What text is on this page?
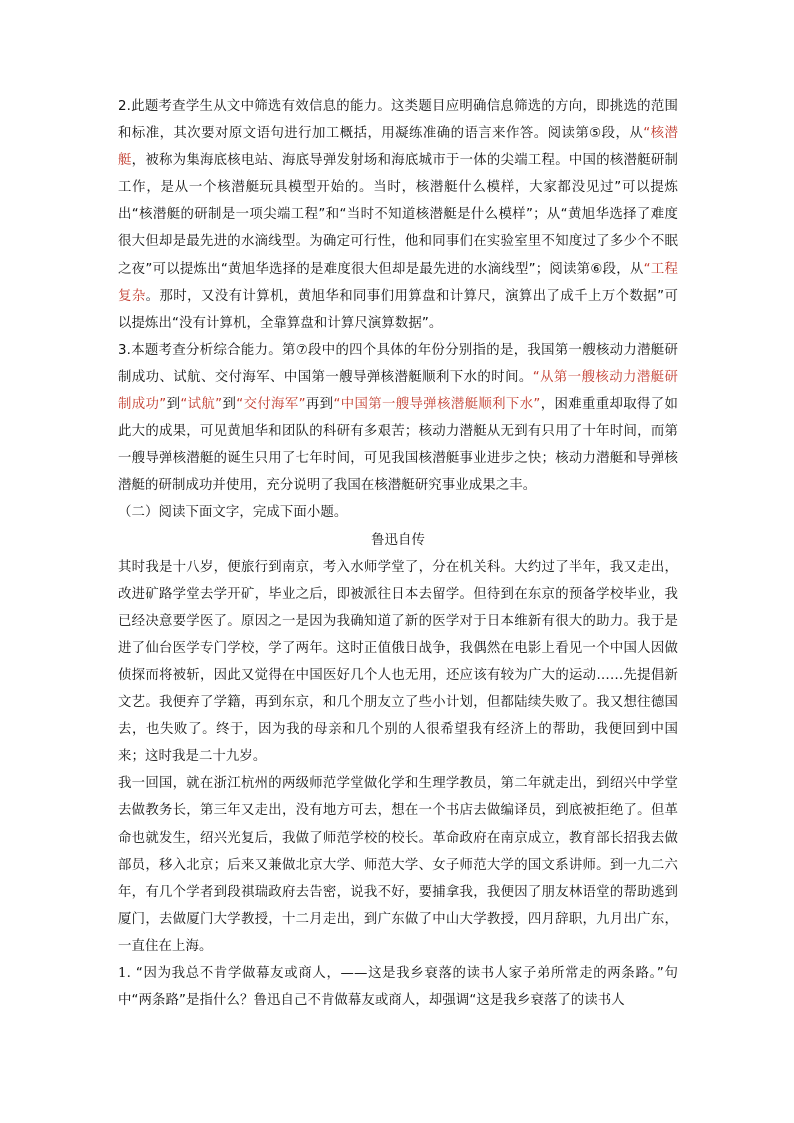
2.此题考查学生从文中筛选有效信息的能力。这类题目应明确信息筛选的方向，即挑选的范围和标准，其次要对原文语句进行加工概括，用凝练准确的语言来作答。阅读第⑤段，从“核潜艇，被称为集海底核电站、海底导弹发射场和海底城市于一体的尖端工程。中国的核潜艇研制工作，是从一个核潜艇玩具模型开始的。当时，核潜艇什么模样，大家都没见过”可以提炼出“核潜艇的研制是一项尖端工程”和“当时不知道核潜艇是什么模样”；从“黄旭华选择了难度很大但却是最先进的水滴线型。为确定可行性，他和同事们在实验室里不知度过了多少个不眠之夜”可以提炼出“黄旭华选择的是难度很大但却是最先进的水滴线型”；阅读第⑥段，从“工程复杂。那时，又没有计算机，黄旭华和同事们用算盘和计算尺，演算出了成千上万个数据”可以提炼出“没有计算机，全靠算盘和计算尺演算数据”。

3.本题考查分析综合能力。第⑦段中的四个具体的年份分别指的是，我国第一艘核动力潜艇研制成功、试航、交付海军、中国第一艘导弹核潜艇顺利下水的时间。“从第一艘核动力潜艇研制成功”到“试航”到“交付海军”再到“中国第一艘导弹核潜艇顺利下水”，困难重重却取得了如此大的成果，可见黄旭华和团队的科研有多艰苦；核动力潜艇从无到有只用了十年时间，而第一艘导弹核潜艇的诞生只用了七年时间，可见我国核潜艇事业进步之快；核动力潜艇和导弹核潜艇的研制成功并使用，充分说明了我国在核潜艇研究事业成果之丰。

（二）阅读下面文字，完成下面小题。

鲁迅自传

其时我是十八岁，便旅行到南京，考入水师学堂了，分在机关科。大约过了半年，我又走出，改进矿路学堂去学开矿，毕业之后，即被派往日本去留学。但待到在东京的预备学校毕业，我已经决意要学医了。原因之一是因为我确知道了新的医学对于日本维新有很大的助力。我于是进了仙台医学专门学校，学了两年。这时正值俄日战争，我偶然在电影上看见一个中国人因做侦探而将被斩，因此又觉得在中国医好几个人也无用，还应该有较为广大的运动……先提倡新文艺。我便弃了学籍，再到东京，和几个朋友立了些小计划，但都陆续失败了。我又想往德国去，也失败了。终于，因为我的母亲和几个别的人很希望我有经济上的帮助，我便回到中国来；这时我是二十九岁。

我一回国，就在浙江杭州的两级师范学堂做化学和生理学教员，第二年就走出，到绍兴中学堂去做教务长，第三年又走出，没有地方可去，想在一个书店去做编译员，到底被拒绝了。但革命也就发生，绍兴光复后，我做了师范学校的校长。革命政府在南京成立，教育部长招我去做部员，移入北京；后来又兼做北京大学、师范大学、女子师范大学的国文系讲师。到一九二六年，有几个学者到段祺瑞政府去告密，说我不好，要捕拿我，我便因了朋友林语堂的帮助逃到厦门，去做厦门大学教授，十二月走出，到广东做了中山大学教授，四月辞职，九月出广东，一直住在上海。

1. “因为我总不肯学做幕友或商人，——这是我乡衰落的读书人家子弟所常走的两条路。”句中“两条路”是指什么？鲁迅自己不肯做幕友或商人，却强调“这是我乡衰落了的读书人
